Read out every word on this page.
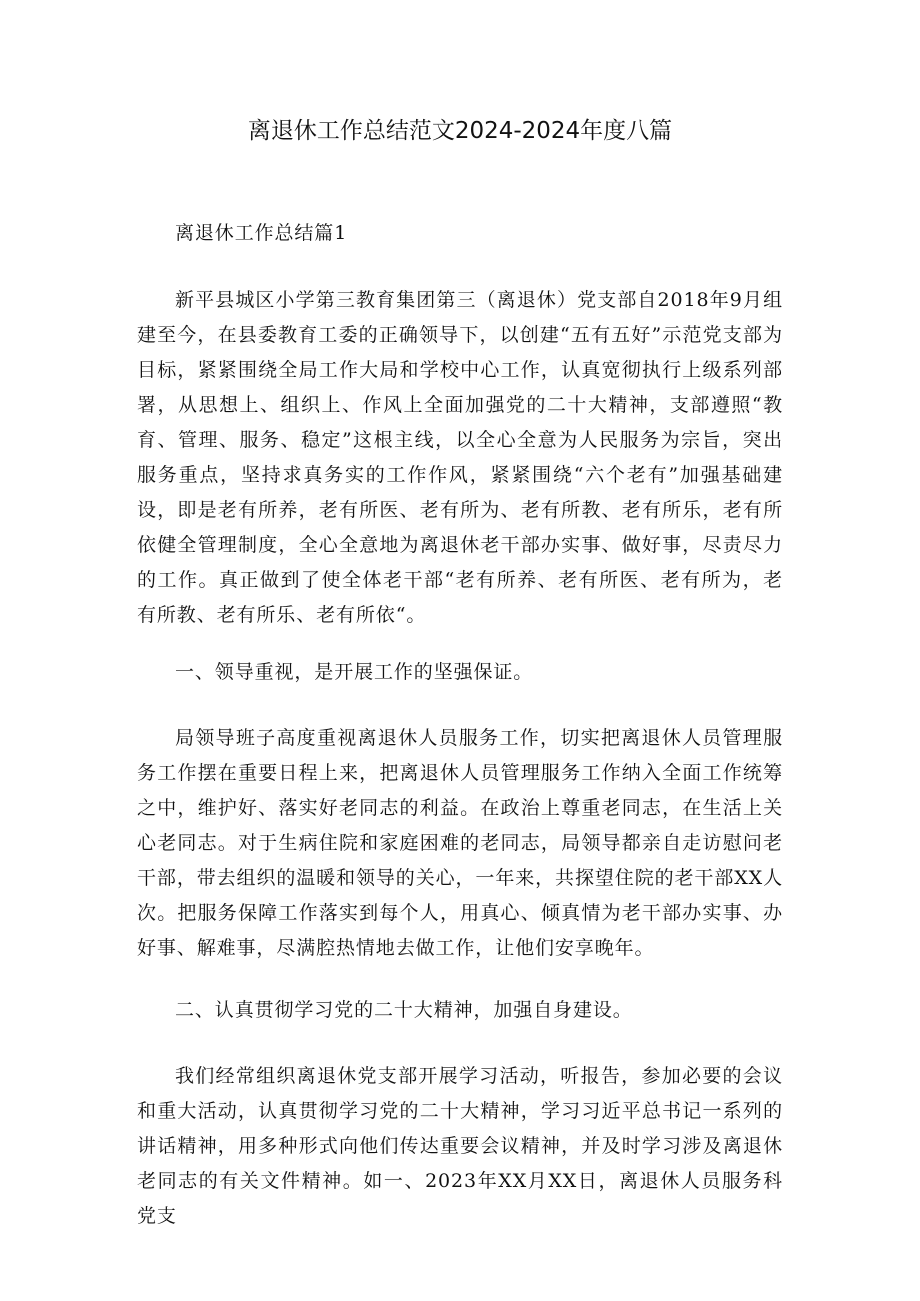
离退休工作总结范文2024-2024年度八篇

离退休工作总结篇1

新平县城区小学第三教育集团第三（离退休）党支部自2018年9月组建至今，在县委教育工委的正确领导下，以创建“五有五好”示范党支部为目标，紧紧围绕全局工作大局和学校中心工作，认真宽彻执行上级系列部署，从思想上、组织上、作风上全面加强党的二十大精神，支部遵照“教育、管理、服务、稳定”这根主线，以全心全意为人民服务为宗旨，突出服务重点，坚持求真务实的工作作风，紧紧围绕“六个老有”加强基础建设，即是老有所养，老有所医、老有所为、老有所教、老有所乐，老有所依健全管理制度，全心全意地为离退休老干部办实事、做好事，尽责尽力的工作。真正做到了使全体老干部“老有所养、老有所医、老有所为，老有所教、老有所乐、老有所依“。

一、领导重视，是开展工作的坚强保证。

局领导班子高度重视离退休人员服务工作，切实把离退休人员管理服务工作摆在重要日程上来，把离退休人员管理服务工作纳入全面工作统筹之中，维护好、落实好老同志的利益。在政治上尊重老同志，在生活上关心老同志。对于生病住院和家庭困难的老同志，局领导都亲自走访慰问老干部，带去组织的温暖和领导的关心，一年来，共探望住院的老干部XX人次。把服务保障工作落实到每个人，用真心、倾真情为老干部办实事、办好事、解难事，尽满腔热情地去做工作，让他们安享晚年。

二、认真贯彻学习党的二十大精神，加强自身建设。

我们经常组织离退休党支部开展学习活动，听报告，参加必要的会议和重大活动，认真贯彻学习党的二十大精神，学习习近平总书记一系列的讲话精神，用多种形式向他们传达重要会议精神，并及时学习涉及离退休老同志的有关文件精神。如一、2023年XX月XX日，离退休人员服务科党支
